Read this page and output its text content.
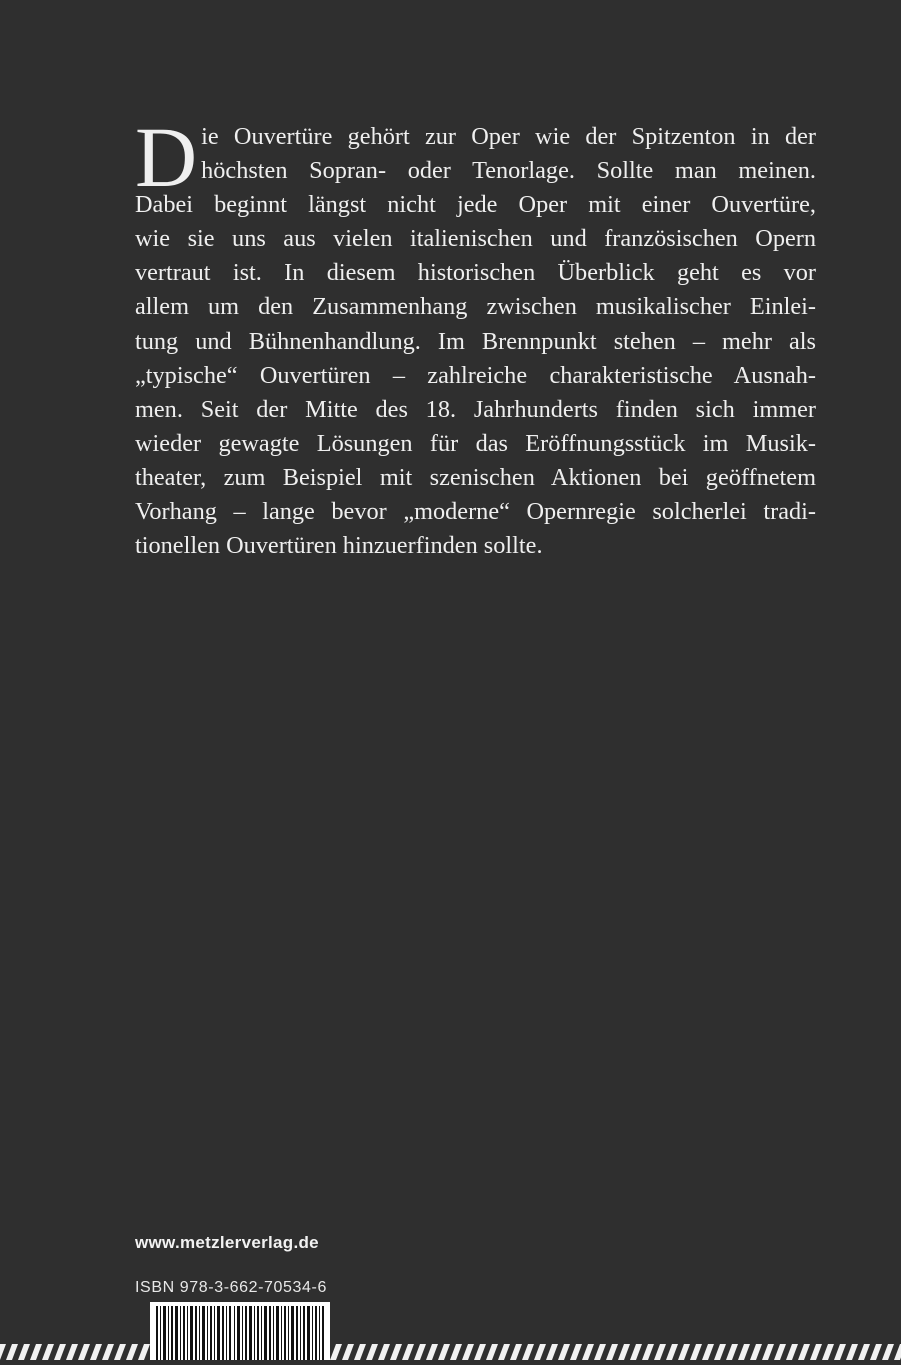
D ie Ouvertüre gehört zur Oper wie der Spitzenton in der
höchsten Sopran- oder Tenorlage. Sollte man meinen.
Dabei beginnt längst nicht jede Oper mit einer Ouvertüre,
wie sie uns aus vielen italienischen und französischen Opern
vertraut ist. In diesem historischen Überblick geht es vor
allem um den Zusammenhang zwischen musikalischer Einlei-
tung und Bühnenhandlung. Im Brennpunkt stehen – mehr als
„typische“ Ouvertüren – zahlreiche charakteristische Ausnah-
men. Seit der Mitte des 18. Jahrhunderts finden sich immer
wieder gewagte Lösungen für das Eröffnungsstück im Musik-
theater, zum Beispiel mit szenischen Aktionen bei geöffnetem
Vorhang – lange bevor „moderne“ Opernregie solcherlei tradi-
tionellen Ouvertüren hinzuerfinden sollte.
www.metzlerverlag.de
ISBN 978-3-662-70534-6
